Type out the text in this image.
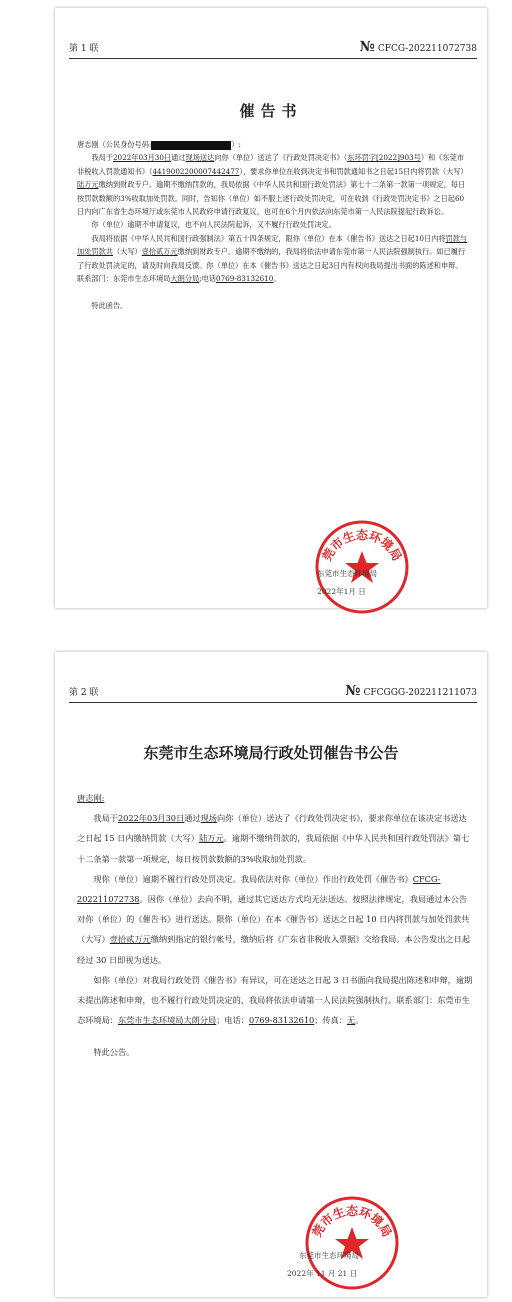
第 1 联	№ CFCG-202211072738
催告书

唐志刚（公民身份号码:	）:

我局于2022年03月30日通过现场送达向你（单位）送达了《行政处罚决定书》（东环罚字[2022]903号）和《东莞市非税收入罚款通知书》（4419002200007442477），要求你单位在收到决定书和罚款通知书之日起15日内将罚款（大写）陆万元缴纳到财政专户。逾期不缴纳罚款的，我局依据《中华人民共和国行政处罚法》第七十二条第一款第一项规定，每日按罚款数额的3%收取加处罚款。同时，告知你（单位）如不服上述行政处罚决定，可在收到《行政处罚决定书》之日起60日内向广东省生态环境厅或东莞市人民政府申请行政复议，也可在6个月内依法向东莞市第一人民法院提起行政诉讼。

你（单位）逾期不申请复议，也不向人民法院起诉，又不履行行政处罚决定。

我局将依据《中华人民共和国行政强制法》第五十四条规定，限你（单位）在本《催告书》送达之日起10日内将罚款与加处罚款共（大写）壹拾贰万元缴纳到财政专户。逾期不缴纳的，我局将依法申请东莞市第一人民法院强制执行。如已履行了行政处罚决定的，请及时向我局反馈。你（单位）在本《催告书》送达之日起3日内有权向我局提出书面的陈述和申辩。 联系部门：东莞市生态环境局大朗分局;电话0769-83132610。

特此函告。

莞市生态环境局
东莞市生态环境局
2022年1月 日
第 2 联	№ CFCGGG-202211211073
东莞市生态环境局行政处罚催告书公告

唐志刚:

我局于2022年03月30日通过现场向你（单位）送达了《行政处罚决定书》，要求你单位在该决定书送达之日起 15 日内缴纳罚款（大写）陆万元。逾期不缴纳罚款的，我局依据《中华人民共和国行政处罚法》第七十二条第一款第一项规定，每日按罚款数额的3%收取加处罚款。

现你（单位）逾期不履行行政处罚决定。我局依法对你（单位）作出行政处罚《催告书》CFCG-202211072738。因你（单位）去向不明，通过其它送达方式均无法送达。按照法律规定，我局通过本公告对你（单位）的《催告书》进行送达。限你（单位）在本《催告书》送达之日起 10 日内将罚款与加处罚款共（大写）壹拾贰万元缴纳到指定的银行帐号，缴纳后将《广东省非税收入票据》交给我局。本公告发出之日起经过 30 日即视为送达。

如你（单位）对我局行政处罚《催告书》有异议，可在送达之日起 3 日书面向我局提出陈述和申辩，逾期未提出陈述和申辩，也不履行行政处罚决定的，我局将依法申请第一人民法院强制执行。联系部门：东莞市生态环境局：东莞市生态环境局大朗分局；电话：0769-83132610；传真：无。

特此公告。

莞市生态环境局
东莞市生态环境局
2022年 11 月 21 日
